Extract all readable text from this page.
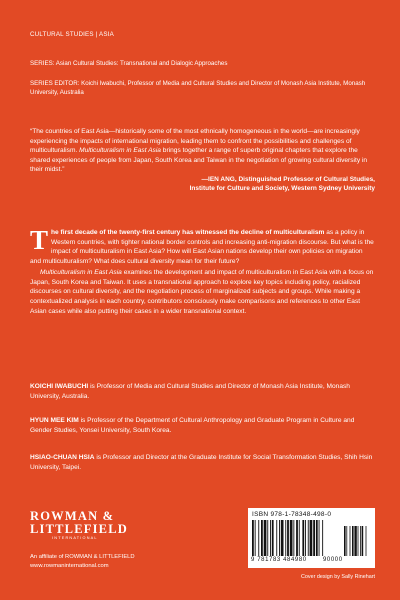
CULTURAL STUDIES | ASIA
SERIES: Asian Cultural Studies: Transnational and Dialogic Approaches
SERIES EDITOR: Koichi Iwabuchi, Professor of Media and Cultural Studies and Director of Monash Asia Institute, Monash University, Australia
“The countries of East Asia—historically some of the most ethnically homogeneous in the world—are increasingly experiencing the impacts of international migration, leading them to confront the possibilities and challenges of multiculturalism. Multiculturalism in East Asia brings together a range of superb original chapters that explore the shared experiences of people from Japan, South Korea and Taiwan in the negotiation of growing cultural diversity in their midst.”
—IEN ANG, Distinguished Professor of Cultural Studies,
Institute for Culture and Society, Western Sydney University
T he first decade of the twenty-first century has witnessed the decline of multiculturalism as a policy in Western countries, with tighter national border controls and increasing anti-migration discourse. But what is the impact of multiculturalism in East Asia? How will East Asian nations develop their own policies on migration and multiculturalism? What does cultural diversity mean for their future?
Multiculturalism in East Asia examines the development and impact of multiculturalism in East Asia with a focus on Japan, South Korea and Taiwan. It uses a transnational approach to explore key topics including policy, racialized discourses on cultural diversity, and the negotiation process of marginalized subjects and groups. While making a contextualized analysis in each country, contributors consciously make comparisons and references to other East Asian cases while also putting their cases in a wider transnational context.
KOICHI IWABUCHI is Professor of Media and Cultural Studies and Director of Monash Asia Institute, Monash University, Australia.
HYUN MEE KIM is Professor of the Department of Cultural Anthropology and Graduate Program in Culture and Gender Studies, Yonsei University, South Korea.
HSIAO-CHUAN HSIA is Professor and Director at the Graduate Institute for Social Transformation Studies, Shih Hsin University, Taipei.
ROWMAN &
LITTLEFIELD
INTERNATIONAL
An affiliate of ROWMAN & LITTLEFIELD
www.rowmaninternational.com
ISBN 978-1-78348-498-0
9 781783 484980	90000
Cover design by Sally Rinehart
